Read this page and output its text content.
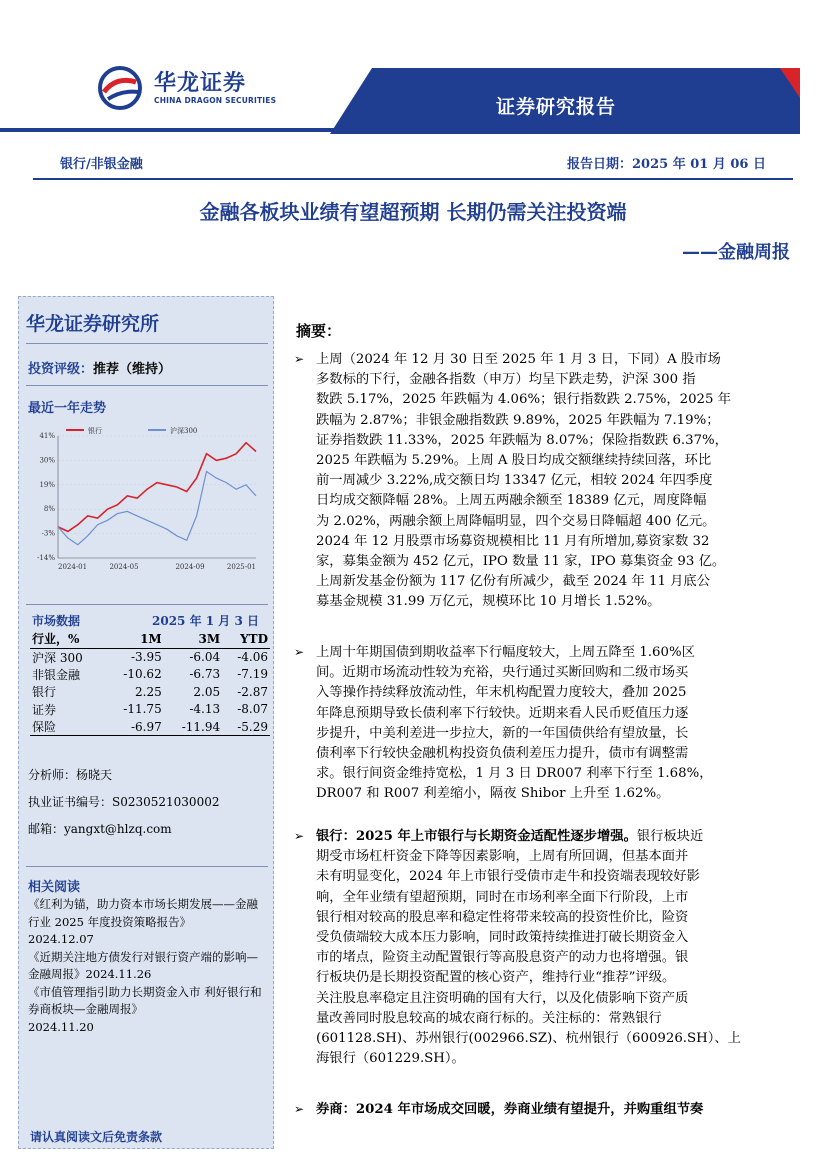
华龙证券
CHINA DRAGON SECURITIES	证券研究报告
银行/非银金融	报告日期：2025 年 01 月 06 日
金融各板块业绩有望超预期 长期仍需关注投资端
——金融周报
华龙证券研究所
投资评级：推荐（维持）
最近一年走势
41%
30%
19%
8%
-3%
-14%
2024-01	2024-05	2024-09	2025-01
银行	沪深300
市场数据	2025 年 1 月 3 日
行业，%	1M	3M	YTD
沪深 300	-3.95	-6.04	-4.06
非银金融	-10.62	-6.73	-7.19
银行	2.25	2.05	-2.87
证券	-11.75	-4.13	-8.07
保险	-6.97	-11.94	-5.29
分析师：杨晓天
执业证书编号：S0230521030002
邮箱：yangxt@hlzq.com
相关阅读

《红利为锚，助力资本市场长期发展——金融行业 2025 年度投资策略报告》

2024.12.07

《近期关注地方债发行对银行资产端的影响—金融周报》2024.11.26

《市值管理指引助力长期资金入市 利好银行和券商板块—金融周报》

2024.11.20

请认真阅读文后免责条款
摘要：
➢ 上周（2024 年 12 月 30 日至 2025 年 1 月 3 日，下同）A 股市场
多数标的下行，金融各指数（申万）均呈下跌走势，沪深 300 指
数跌 5.17%，2025 年跌幅为 4.06%；银行指数跌 2.75%，2025 年
跌幅为 2.87%；非银金融指数跌 9.89%，2025 年跌幅为 7.19%；
证券指数跌 11.33%，2025 年跌幅为 8.07%；保险指数跌 6.37%，
2025 年跌幅为 5.29%。上周 A 股日均成交额继续持续回落，环比
前一周减少 3.22%,成交额日均 13347 亿元，相较 2024 年四季度
日均成交额降幅 28%。上周五两融余额至 18389 亿元，周度降幅
为 2.02%，两融余额上周降幅明显，四个交易日降幅超 400 亿元。
2024 年 12 月股票市场募资规模相比 11 月有所增加,募资家数 32
家，募集金额为 452 亿元，IPO 数量 11 家，IPO 募集资金 93 亿。
上周新发基金份额为 117 亿份有所减少，截至 2024 年 11 月底公
募基金规模 31.99 万亿元，规模环比 10 月增长 1.52%。
➢ 上周十年期国债到期收益率下行幅度较大，上周五降至 1.60%区
间。近期市场流动性较为充裕，央行通过买断回购和二级市场买
入等操作持续释放流动性，年末机构配置力度较大，叠加 2025
年降息预期导致长债利率下行较快。近期来看人民币贬值压力逐
步提升，中美利差进一步拉大，新的一年国债供给有望放量，长
债利率下行较快金融机构投资负债利差压力提升，债市有调整需
求。银行间资金维持宽松，1 月 3 日 DR007 利率下行至 1.68%，
DR007 和 R007 利差缩小，隔夜 Shibor 上升至 1.62%。
➢ 银行：2025 年上市银行与长期资金适配性逐步增强。银行板块近
期受市场杠杆资金下降等因素影响，上周有所回调，但基本面并
未有明显变化，2024 年上市银行受债市走牛和投资端表现较好影
响，全年业绩有望超预期，同时在市场利率全面下行阶段，上市
银行相对较高的股息率和稳定性将带来较高的投资性价比，险资
受负债端较大成本压力影响，同时政策持续推进打破长期资金入
市的堵点，险资主动配置银行等高股息资产的动力也将增强。银
行板块仍是长期投资配置的核心资产，维持行业“推荐”评级。
关注股息率稳定且注资明确的国有大行，以及化债影响下资产质
量改善同时股息较高的城农商行标的。关注标的：常熟银行
(601128.SH)、苏州银行(002966.SZ)、杭州银行（600926.SH）、上
海银行（601229.SH）。
➢ 券商：2024 年市场成交回暖，券商业绩有望提升，并购重组节奏
